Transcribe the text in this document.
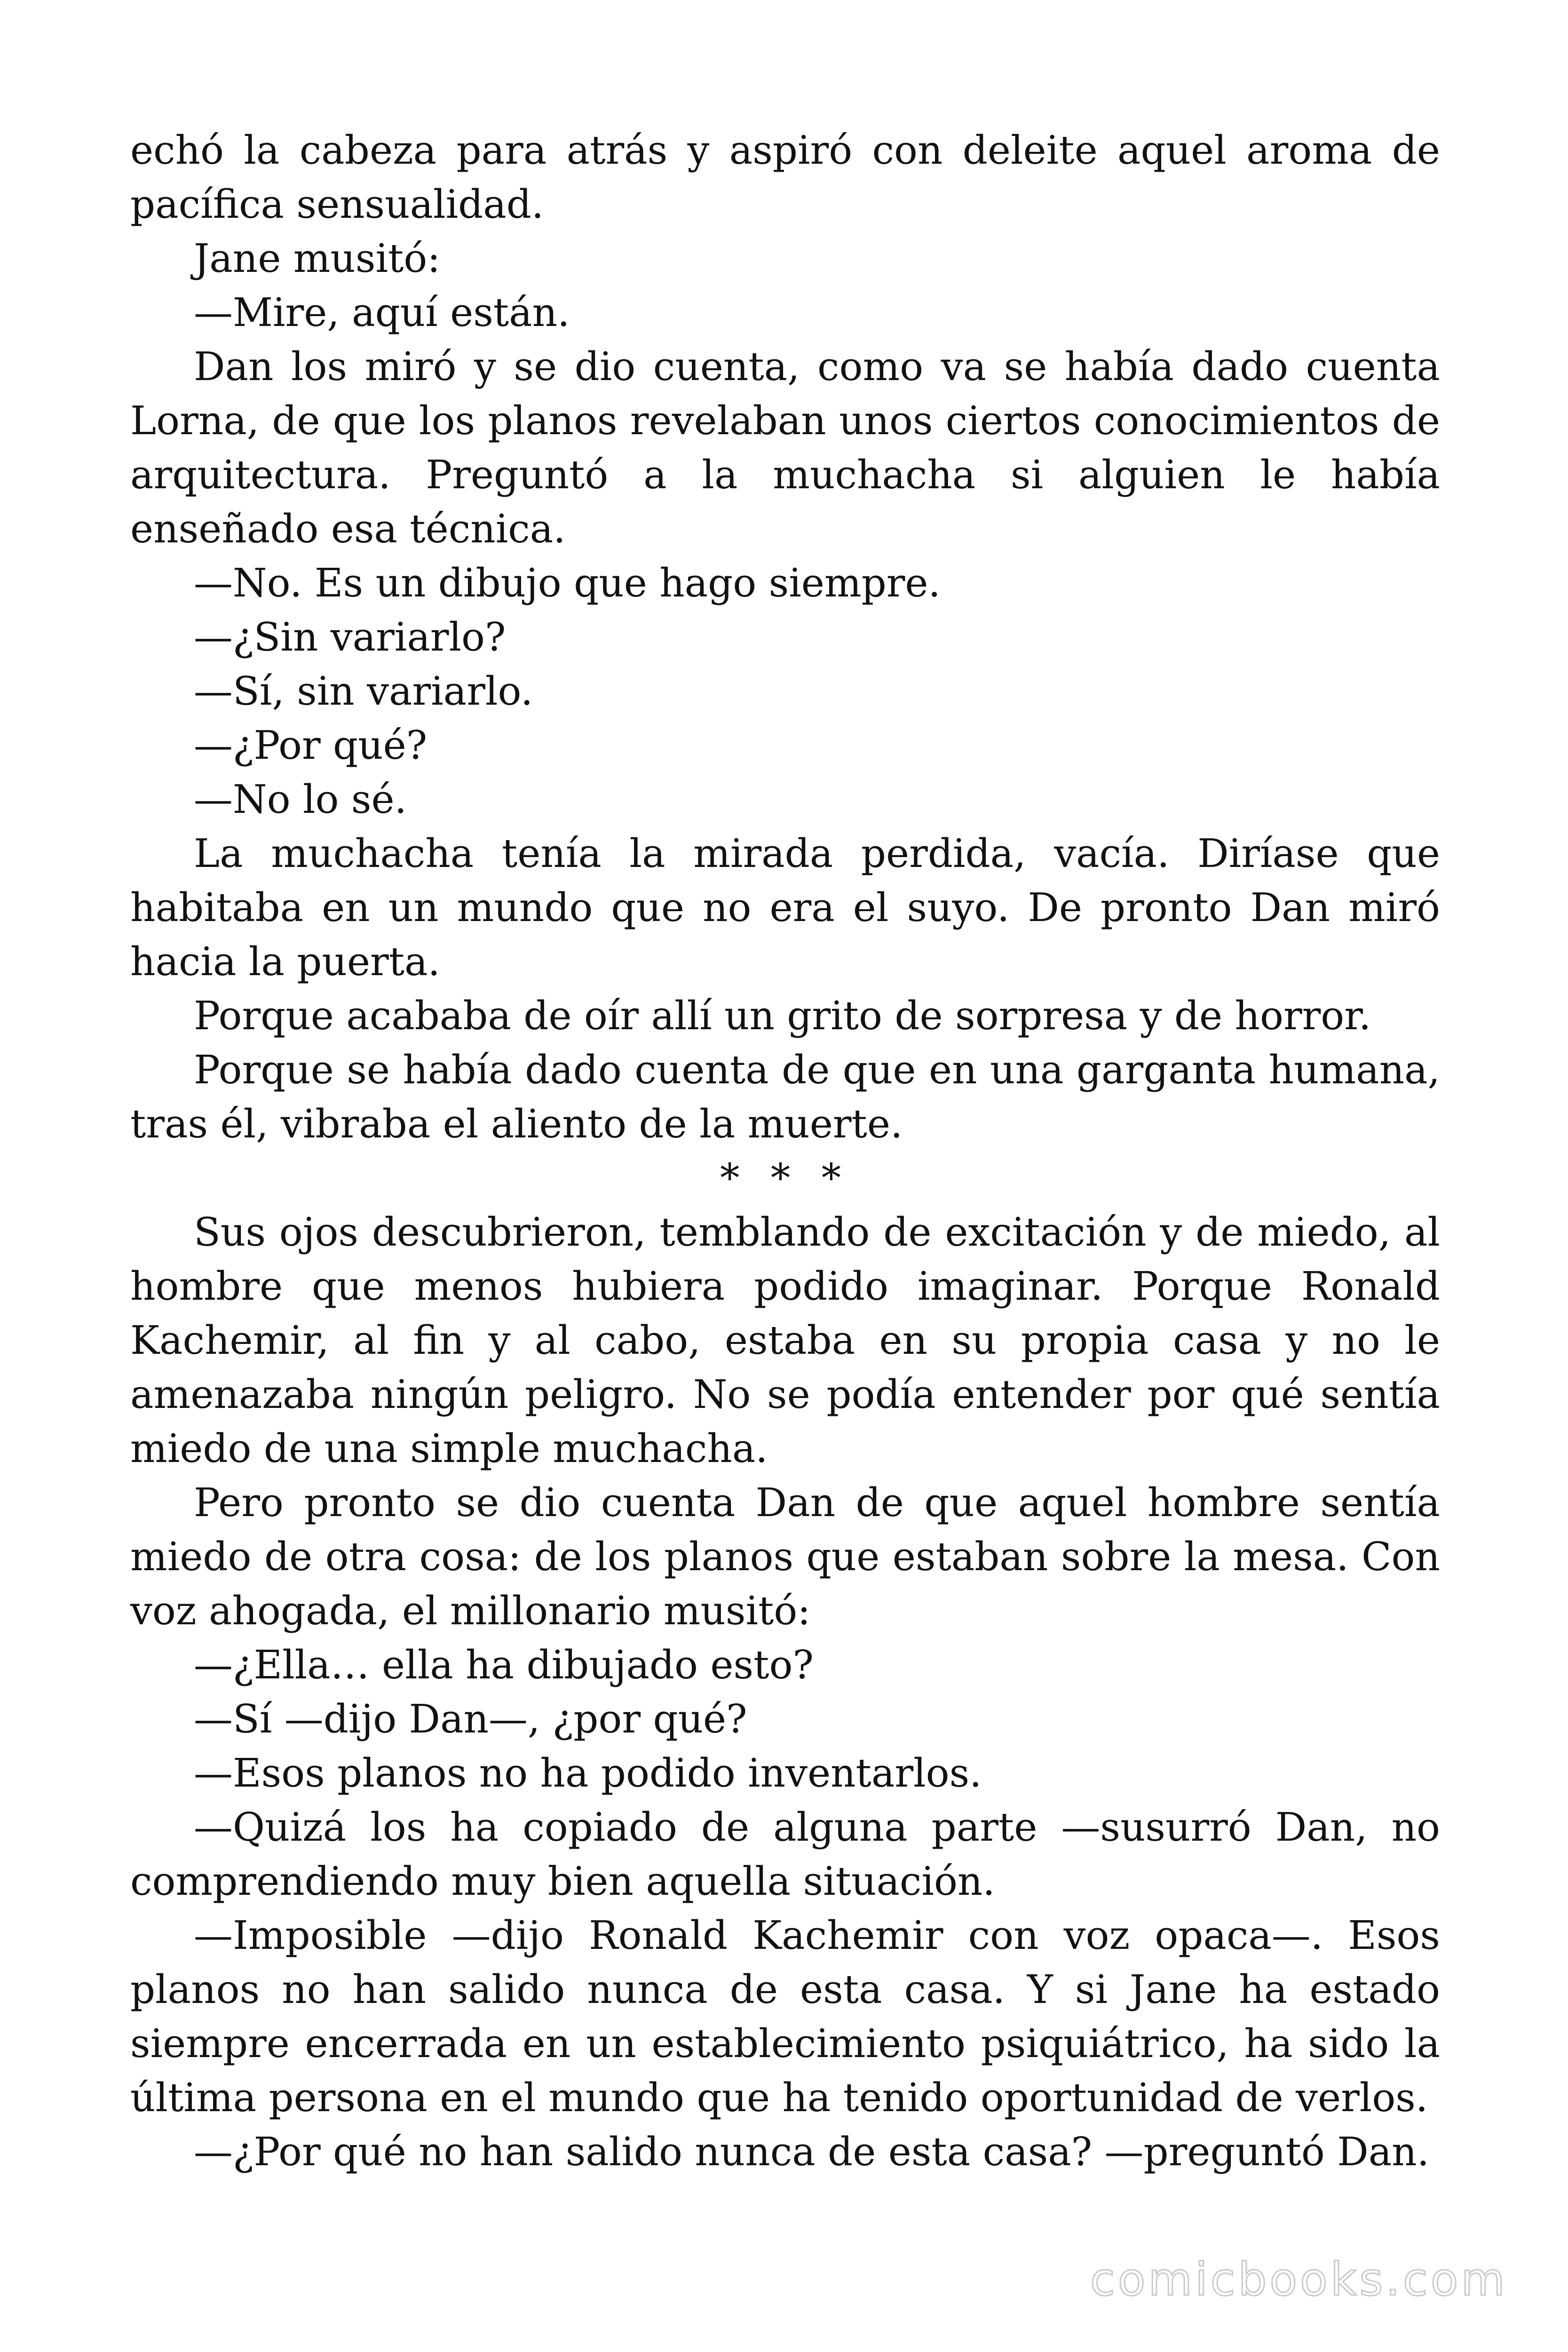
echó la cabeza para atrás y aspiró con deleite aquel aroma de pacífica sensualidad.

Jane musitó:

—Mire, aquí están.

Dan los miró y se dio cuenta, como va se había dado cuenta Lorna, de que los planos revelaban unos ciertos conocimientos de arquitectura. Preguntó a la muchacha si alguien le había enseñado esa técnica.

—No. Es un dibujo que hago siempre.

—¿Sin variarlo?

—Sí, sin variarlo.

—¿Por qué?

—No lo sé.

La muchacha tenía la mirada perdida, vacía. Diríase que habitaba en un mundo que no era el suyo. De pronto Dan miró hacia la puerta.

Porque acababa de oír allí un grito de sorpresa y de horror.

Porque se había dado cuenta de que en una garganta humana, tras él, vibraba el aliento de la muerte.

* * *

Sus ojos descubrieron, temblando de excitación y de miedo, al hombre que menos hubiera podido imaginar. Porque Ronald Kachemir, al fin y al cabo, estaba en su propia casa y no le amenazaba ningún peligro. No se podía entender por qué sentía miedo de una simple muchacha.

Pero pronto se dio cuenta Dan de que aquel hombre sentía miedo de otra cosa: de los planos que estaban sobre la mesa. Con voz ahogada, el millonario musitó:

—¿Ella… ella ha dibujado esto?

—Sí —dijo Dan—, ¿por qué?

—Esos planos no ha podido inventarlos.

—Quizá los ha copiado de alguna parte —susurró Dan, no comprendiendo muy bien aquella situación.

—Imposible —dijo Ronald Kachemir con voz opaca—. Esos planos no han salido nunca de esta casa. Y si Jane ha estado siempre encerrada en un establecimiento psiquiátrico, ha sido la última persona en el mundo que ha tenido oportunidad de verlos.

—¿Por qué no han salido nunca de esta casa? —preguntó Dan.

comicbooks.com
